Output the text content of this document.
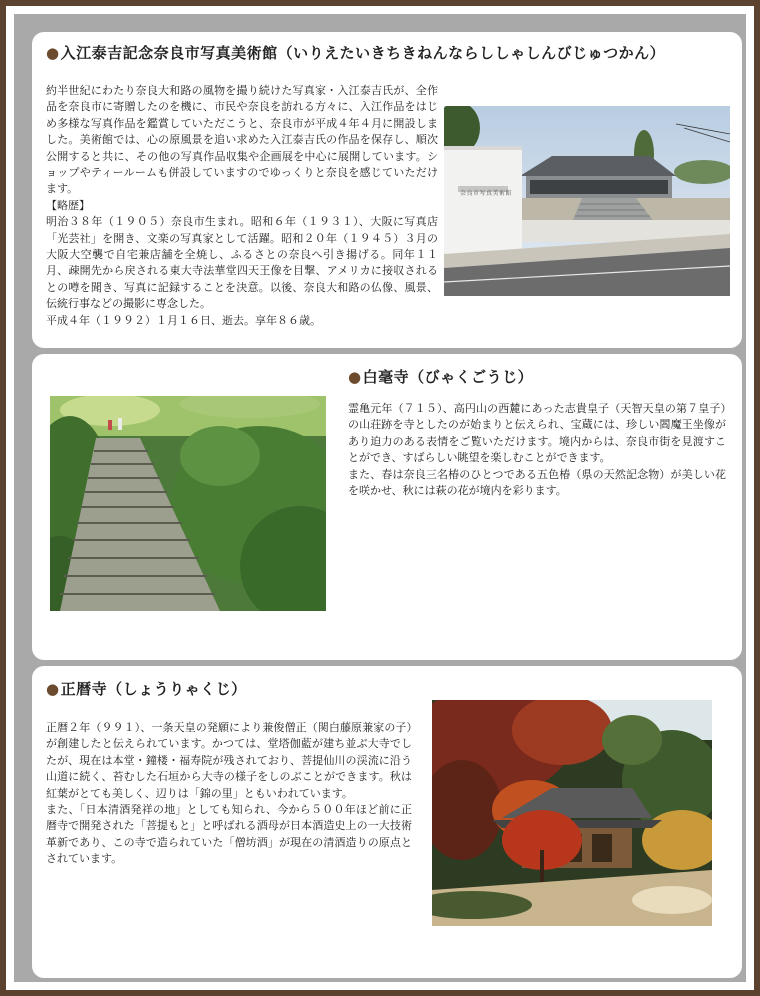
●入江泰吉記念奈良市写真美術館（いりえたいきちきねんならししゃしんびじゅつかん）

約半世紀にわたり奈良大和路の風物を撮り続けた写真家・入江泰吉氏が、全作品を奈良市に寄贈したのを機に、市民や奈良を訪れる方々に、入江作品をはじめ多様な写真作品を鑑賞していただこうと、奈良市が平成４年４月に開設しました。美術館では、心の原風景を追い求めた入江泰吉氏の作品を保存し、順次公開すると共に、その他の写真作品収集や企画展を中心に展開しています。ショップやティールームも併設していますのでゆっくりと奈良を感じていただけます。

【略歴】

明治３８年（１９０５）奈良市生まれ。昭和６年（１９３１）、大阪に写真店「光芸社」を開き、文楽の写真家として活躍。昭和２０年（１９４５）３月の大阪大空襲で自宅兼店舗を全焼し、ふるさとの奈良へ引き揚げる。同年１１月、疎開先から戻される東大寺法華堂四天王像を目撃、アメリカに接収されるとの噂を聞き、写真に記録することを決意。以後、奈良大和路の仏像、風景、伝統行事などの撮影に専念した。

平成４年（１９９２）１月１６日、逝去。享年８６歳。

奈良市写真美術館
●白毫寺（びゃくごうじ）

霊亀元年（７１５）、高円山の西麓にあった志貴皇子（天智天皇の第７皇子）の山荘跡を寺としたのが始まりと伝えられ、宝蔵には、珍しい閻魔王坐像があり迫力のある表情をご覧いただけます。境内からは、奈良市街を見渡すことができ、すばらしい眺望を楽しむことができます。

また、春は奈良三名椿のひとつである五色椿（県の天然記念物）が美しい花を咲かせ、秋には萩の花が境内を彩ります。

●正暦寺（しょうりゃくじ）

正暦２年（９９１）、一条天皇の発願により兼俊僧正（関白藤原兼家の子）が創建したと伝えられています。かつては、堂塔伽藍が建ち並ぶ大寺でしたが、現在は本堂・鐘楼・福寿院が残されており、菩提仙川の渓流に沿う山道に続く、苔むした石垣から大寺の様子をしのぶことができます。秋は紅葉がとても美しく、辺りは「錦の里」ともいわれています。

また、「日本清酒発祥の地」としても知られ、今から５００年ほど前に正暦寺で開発された「菩提もと」と呼ばれる酒母が日本酒造史上の一大技術革新であり、この寺で造られていた「僧坊酒」が現在の清酒造りの原点とされています。
